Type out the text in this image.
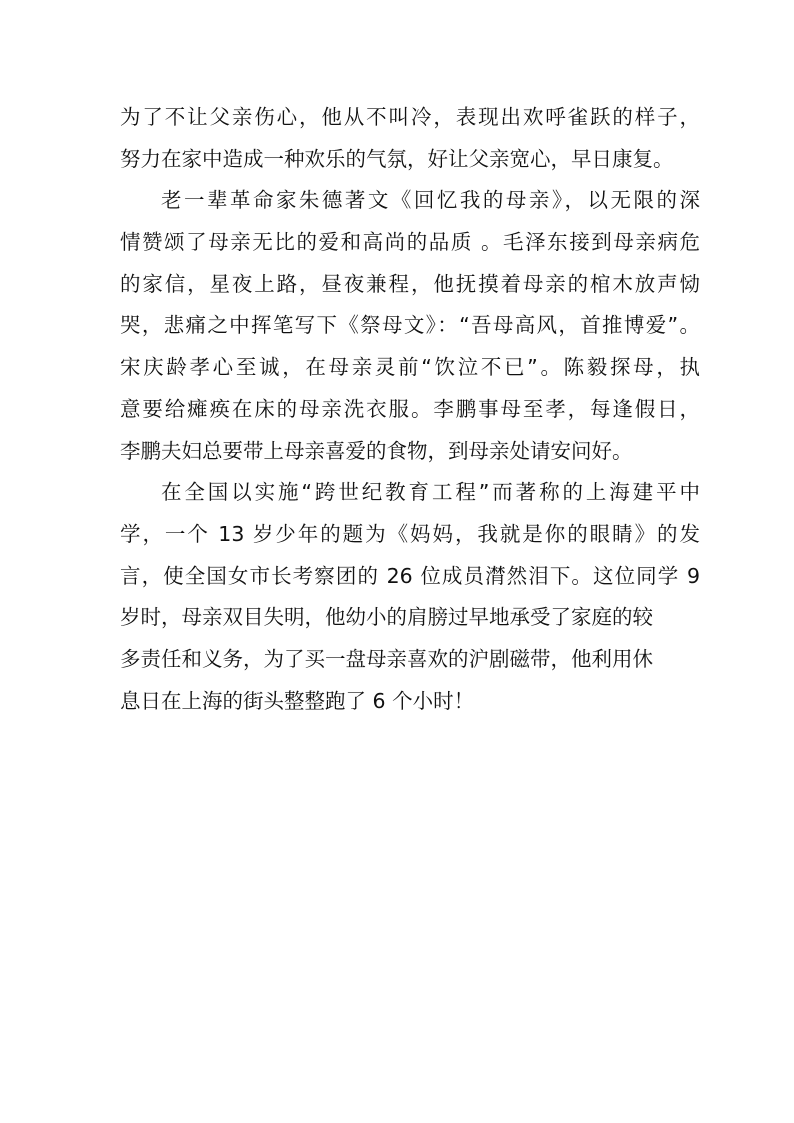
为了不让父亲伤心，他从不叫冷，表现出欢呼雀跃的样子，
努力在家中造成一种欢乐的气氛，好让父亲宽心，早日康复。
老一辈革命家朱德著文《回忆我的母亲》，以无限的深
情赞颂了母亲无比的爱和高尚的品质 。毛泽东接到母亲病危
的家信，星夜上路，昼夜兼程，他抚摸着母亲的棺木放声恸
哭，悲痛之中挥笔写下《祭母文》：“吾母高风，首推博爱”。
宋庆龄孝心至诚，在母亲灵前“饮泣不已”。陈毅探母，执
意要给瘫痪在床的母亲洗衣服。李鹏事母至孝，每逢假日，
李鹏夫妇总要带上母亲喜爱的食物，到母亲处请安问好。
在全国以实施“跨世纪教育工程”而著称的上海建平中
学，一个 13 岁少年的题为《妈妈，我就是你的眼睛》的发
言，使全国女市长考察团的 26 位成员潸然泪下。这位同学 9
岁时，母亲双目失明，他幼小的肩膀过早地承受了家庭的较
多责任和义务，为了买一盘母亲喜欢的沪剧磁带，他利用休
息日在上海的街头整整跑了 6 个小时！
